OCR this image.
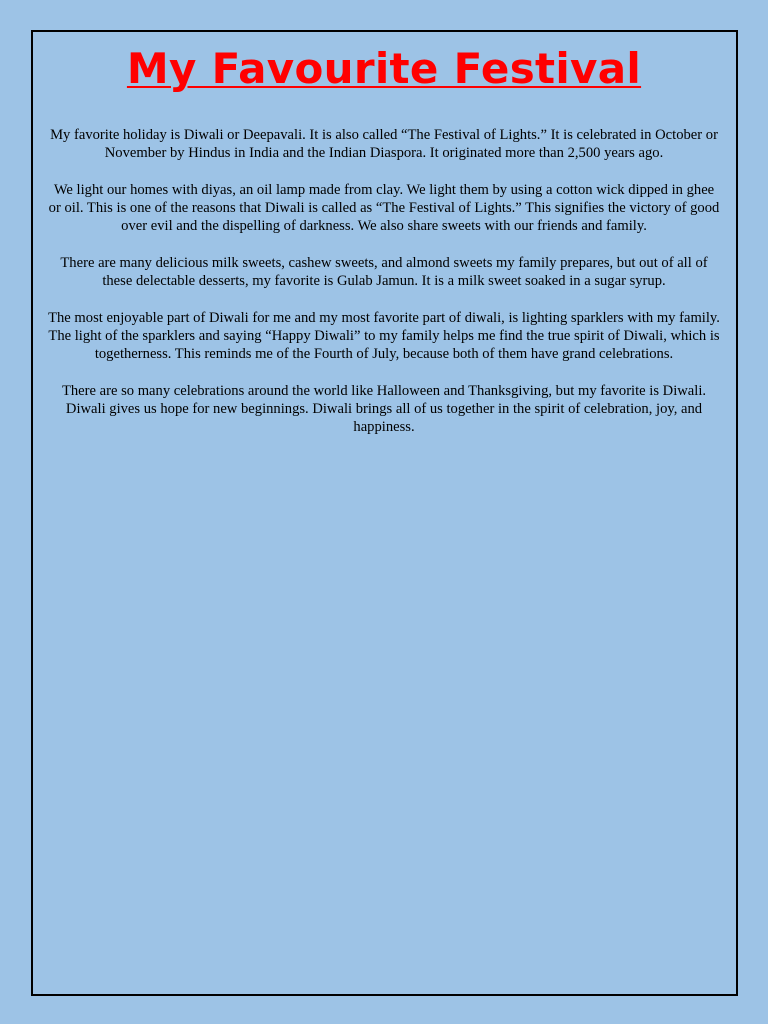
My Favourite Festival

My favorite holiday is Diwali or Deepavali. It is also called “The Festival of Lights.” It is celebrated in October or November by Hindus in India and the Indian Diaspora. It originated more than 2,500 years ago.

We light our homes with diyas, an oil lamp made from clay. We light them by using a cotton wick dipped in ghee or oil. This is one of the reasons that Diwali is called as “The Festival of Lights.” This signifies the victory of good over evil and the dispelling of darkness. We also share sweets with our friends and family.

There are many delicious milk sweets, cashew sweets, and almond sweets my family prepares, but out of all of these delectable desserts, my favorite is Gulab Jamun. It is a milk sweet soaked in a sugar syrup.

The most enjoyable part of Diwali for me and my most favorite part of diwali, is lighting sparklers with my family. The light of the sparklers and saying “Happy Diwali” to my family helps me find the true spirit of Diwali, which is togetherness. This reminds me of the Fourth of July, because both of them have grand celebrations.

There are so many celebrations around the world like Halloween and Thanksgiving, but my favorite is Diwali. Diwali gives us hope for new beginnings. Diwali brings all of us together in the spirit of celebration, joy, and happiness.
